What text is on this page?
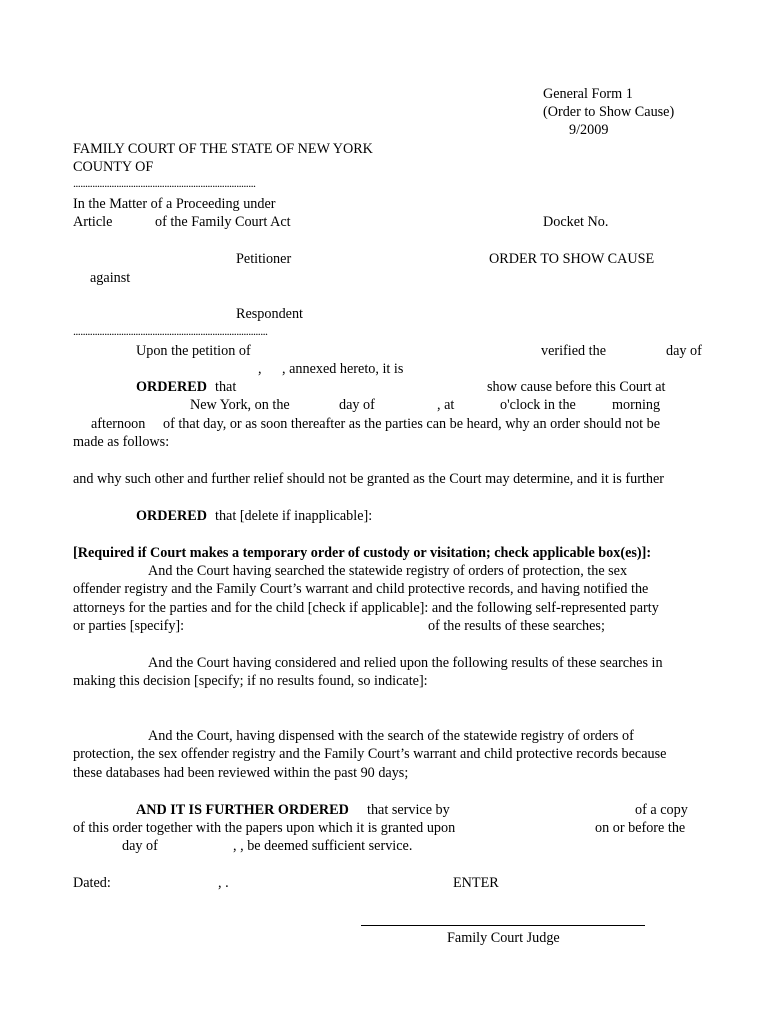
General Form 1
(Order to Show Cause)
9/2009
FAMILY COURT OF THE STATE OF NEW YORK
COUNTY OF
............................................................................
In the Matter of a Proceeding under
Article	of the Family Court Act	Docket No.
Petitioner	ORDER TO SHOW CAUSE
against
Respondent
.................................................................................
Upon the petition of	verified the	day of
, , annexed hereto, it is
ORDERED that	show cause before this Court at
New York, on the	day of	, at	o'clock in the	morning
afternoon of that day, or as soon thereafter as the parties can be heard, why an order should not be
made as follows:
and why such other and further relief should not be granted as the Court may determine, and it is further
ORDERED that [delete if inapplicable]:
[Required if Court makes a temporary order of custody or visitation; check applicable box(es)]:
And the Court having searched the statewide registry of orders of protection, the sex
offender registry and the Family Court’s warrant and child protective records, and having notified the
attorneys for the parties and for the child [check if applicable]: and the following self-represented party
or parties [specify]:	of the results of these searches;
And the Court having considered and relied upon the following results of these searches in
making this decision [specify; if no results found, so indicate]:
And the Court, having dispensed with the search of the statewide registry of orders of
protection, the sex offender registry and the Family Court’s warrant and child protective records because
these databases had been reviewed within the past 90 days;
AND IT IS FURTHER ORDERED that service by	of a copy
of this order together with the papers upon which it is granted upon	on or before the
day of	, , be deemed sufficient service.
Dated:	, .	ENTER
Family Court Judge
